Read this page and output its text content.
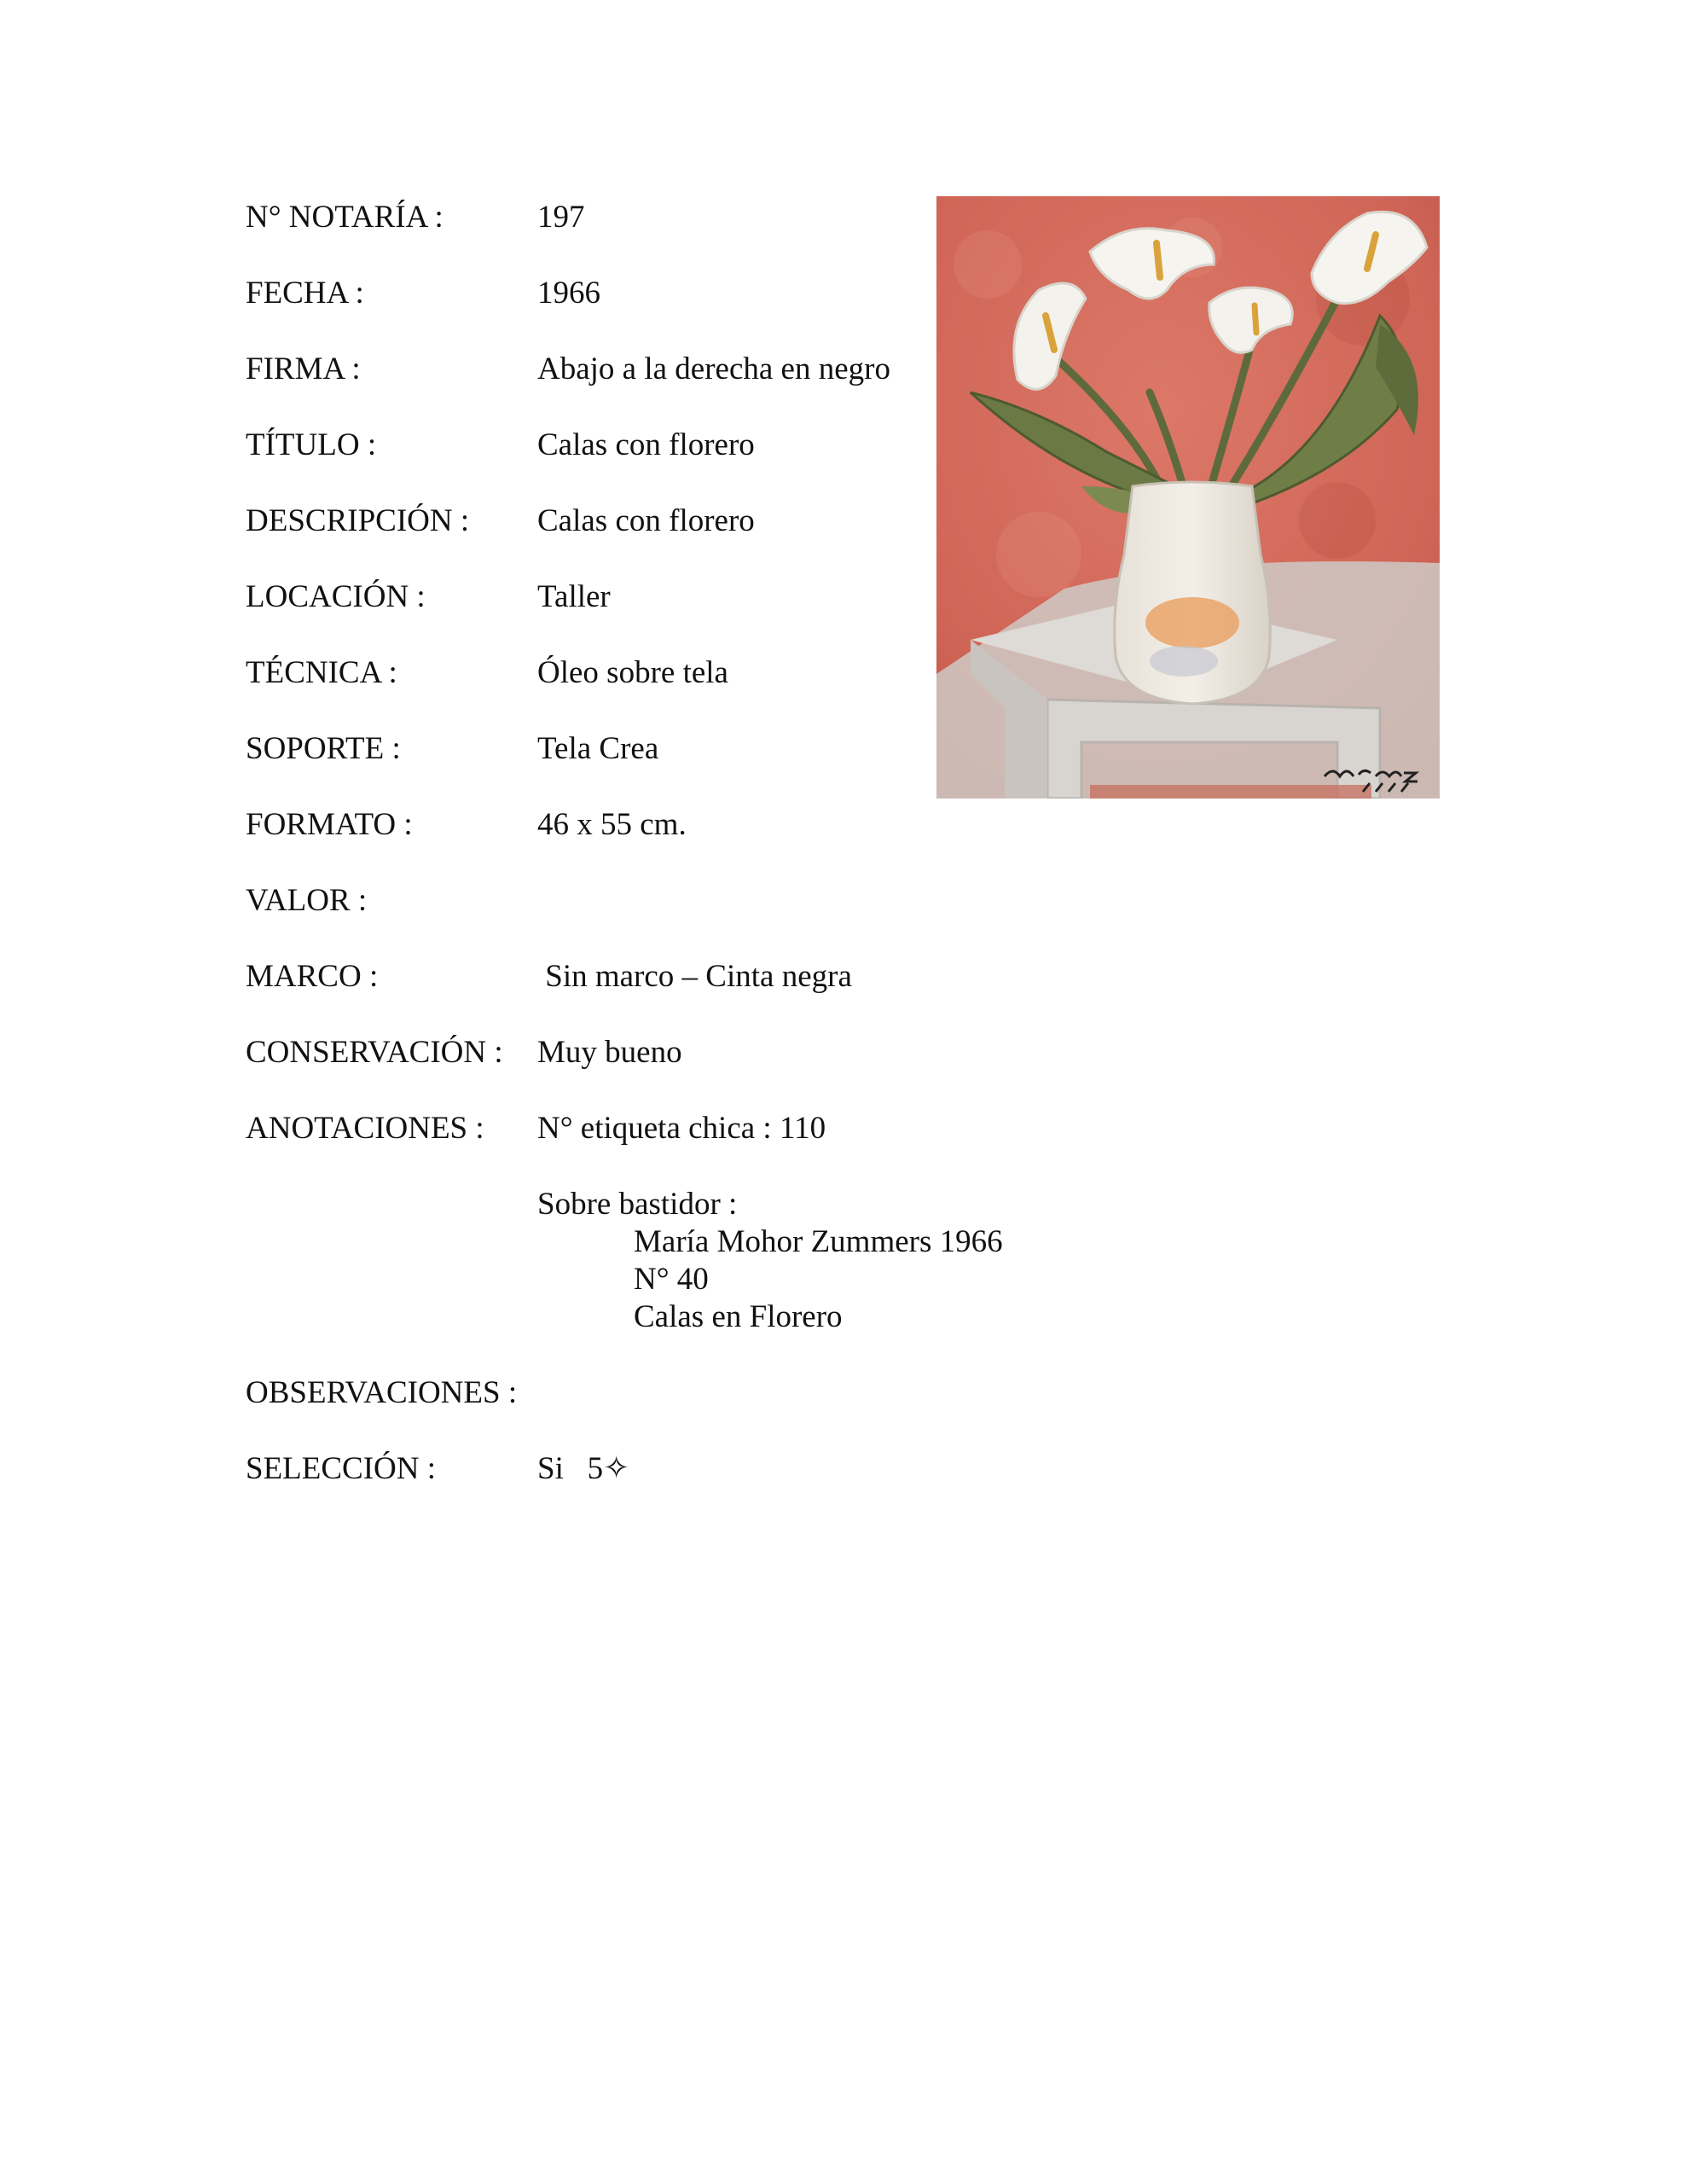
N° NOTARÍA :	197
FECHA :	1966
FIRMA :	Abajo a la derecha en negro
TÍTULO :	Calas con florero
DESCRIPCIÓN : Calas con florero
LOCACIÓN :	Taller
TÉCNICA :	Óleo sobre tela
SOPORTE :	Tela Crea
FORMATO :	46 x 55 cm.
VALOR :
MARCO :	Sin marco – Cinta negra
CONSERVACIÓN : Muy bueno
ANOTACIONES : N° etiqueta chica : 110
Sobre bastidor :
María Mohor Zummers 1966
N° 40
Calas en Florero
OBSERVACIONES :
SELECCIÓN :	Si   5✧
